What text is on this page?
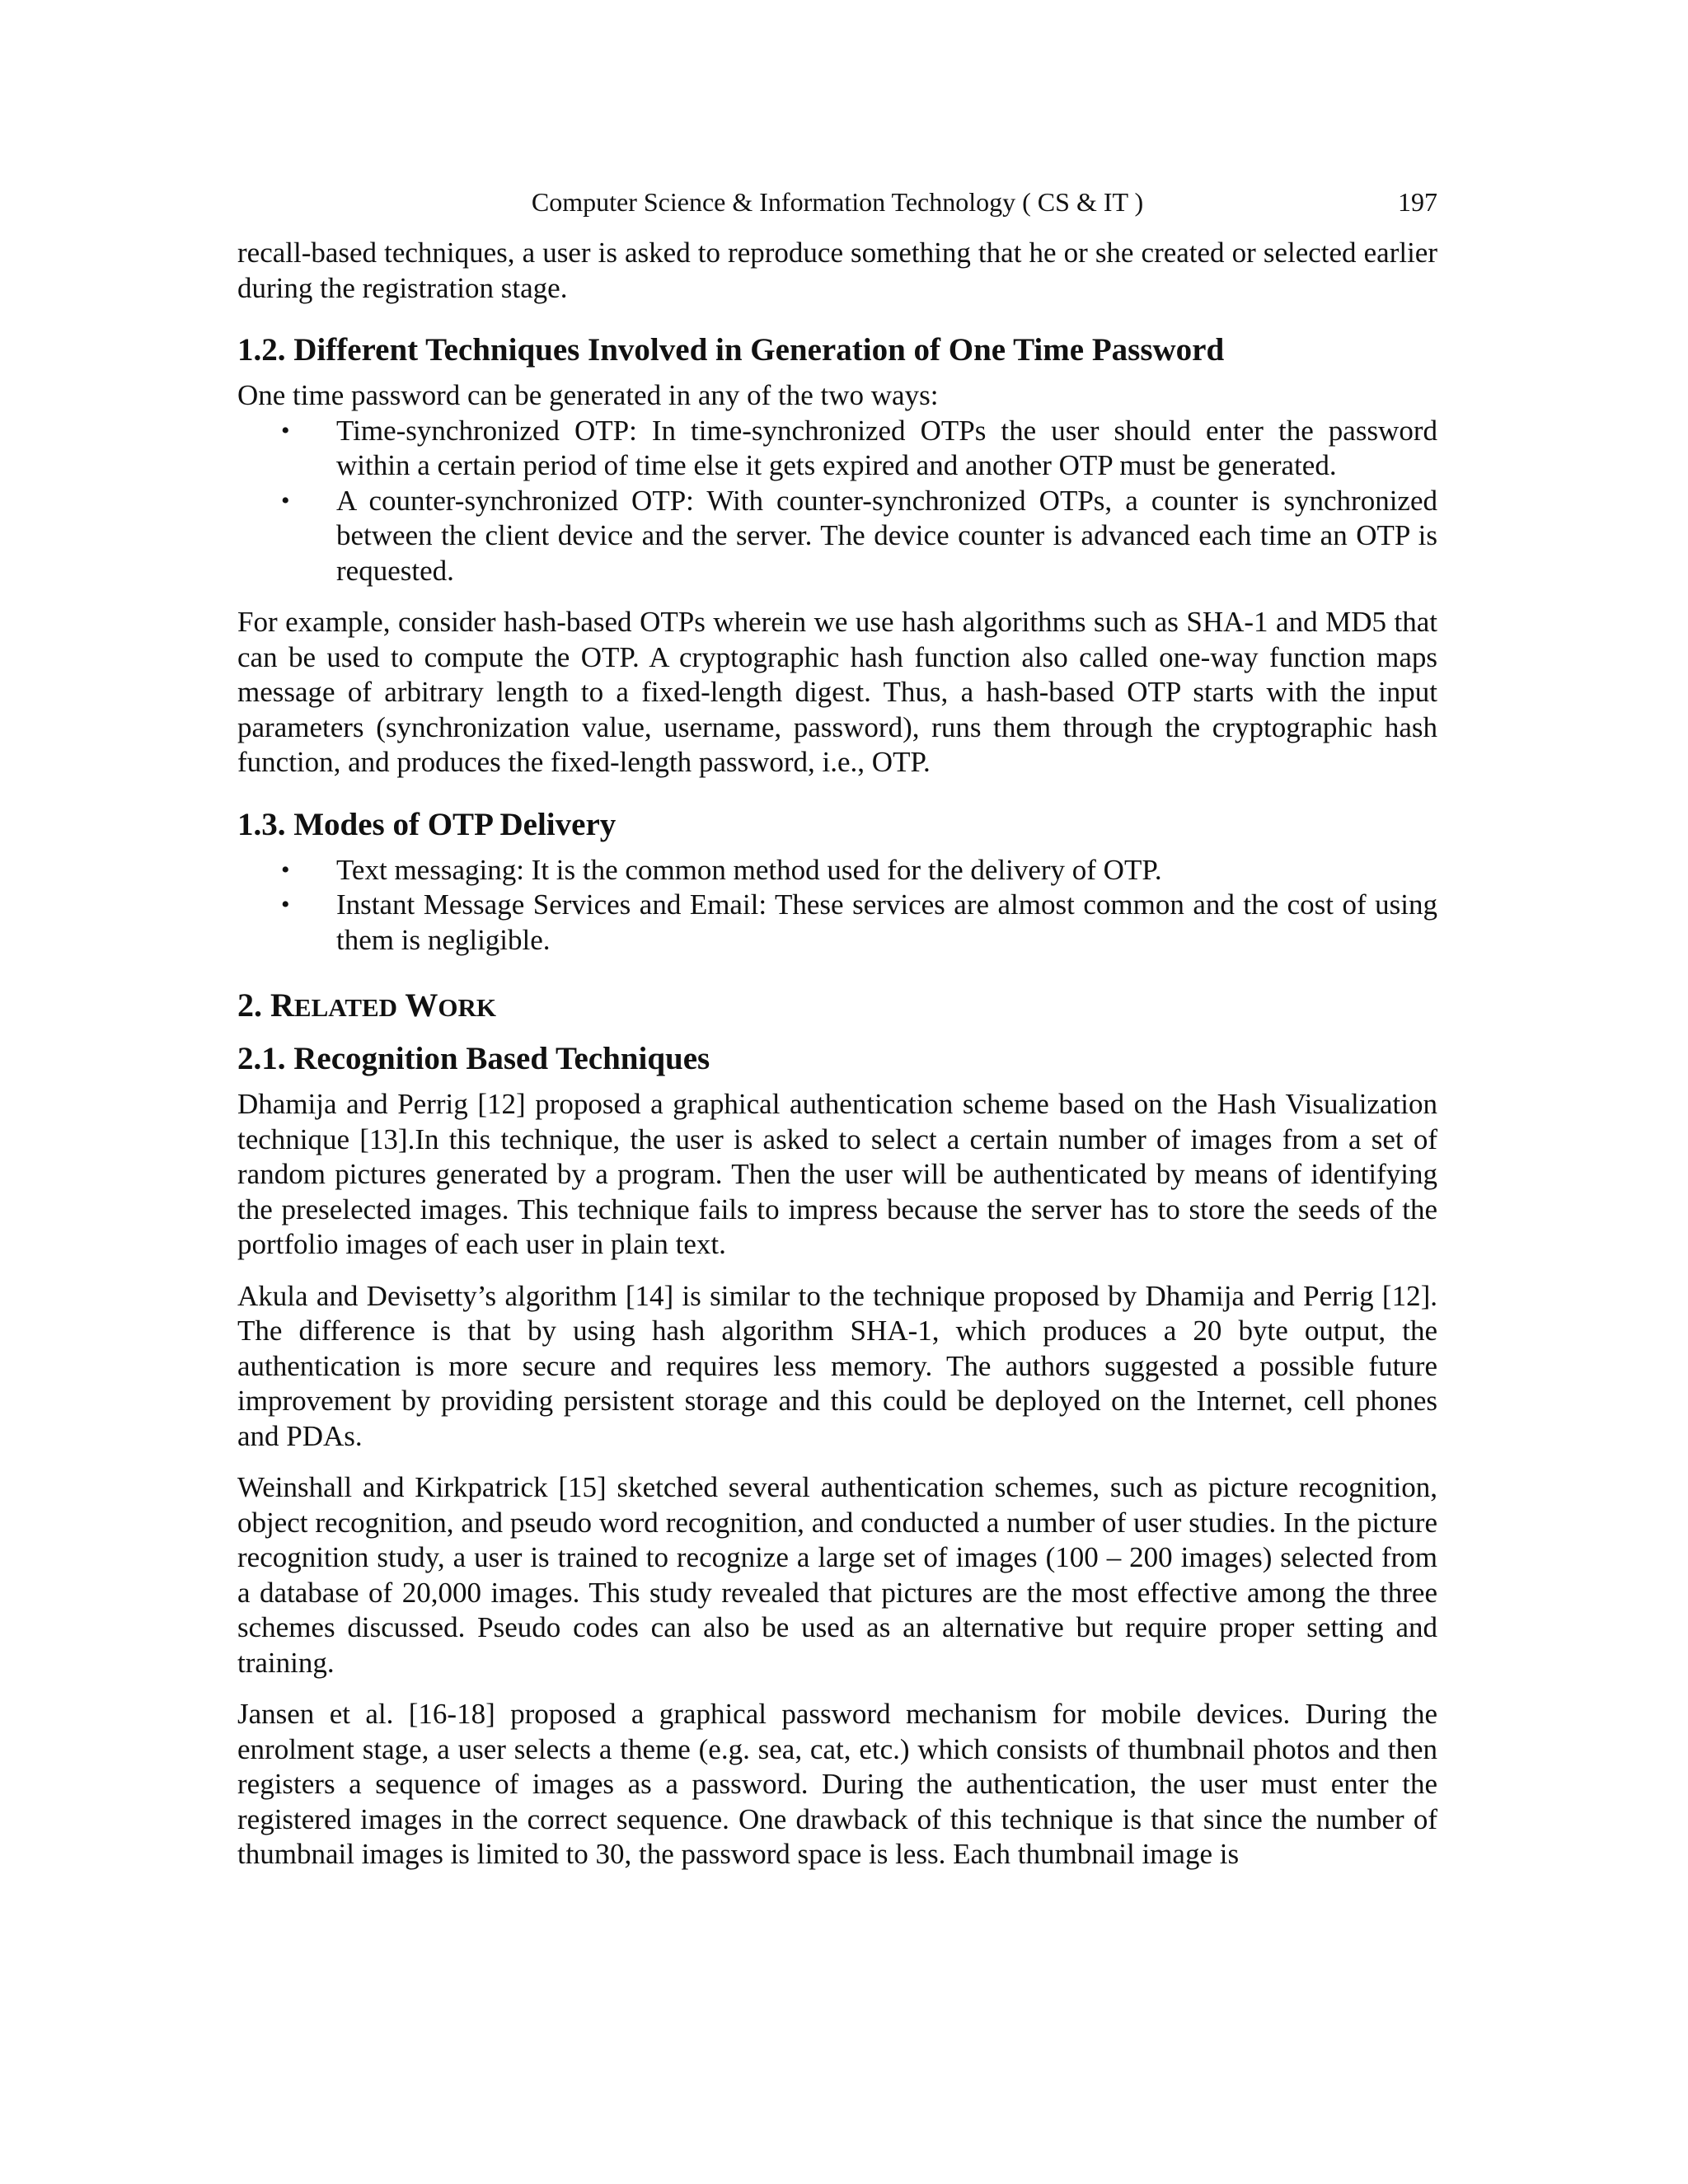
Computer Science & Information Technology ( CS & IT )	197

recall-based techniques, a user is asked to reproduce something that he or she created or selected earlier during the registration stage.

1.2. Different Techniques Involved in Generation of One Time Password

One time password can be generated in any of the two ways:

• Time-synchronized OTP: In time-synchronized OTPs the user should enter the password within a certain period of time else it gets expired and another OTP must be generated.
• A counter-synchronized OTP: With counter-synchronized OTPs, a counter is synchronized between the client device and the server. The device counter is advanced each time an OTP is requested.

For example, consider hash-based OTPs wherein we use hash algorithms such as SHA-1 and MD5 that can be used to compute the OTP. A cryptographic hash function also called one-way function maps message of arbitrary length to a fixed-length digest. Thus, a hash-based OTP starts with the input parameters (synchronization value, username, password), runs them through the cryptographic hash function, and produces the fixed-length password, i.e., OTP.

1.3. Modes of OTP Delivery
• Text messaging: It is the common method used for the delivery of OTP.
• Instant Message Services and Email: These services are almost common and the cost of using them is negligible.
2. RELATED WORK
2.1. Recognition Based Techniques

Dhamija and Perrig [12] proposed a graphical authentication scheme based on the Hash Visualization technique [13].In this technique, the user is asked to select a certain number of images from a set of random pictures generated by a program. Then the user will be authenticated by means of identifying the preselected images. This technique fails to impress because the server has to store the seeds of the portfolio images of each user in plain text.

Akula and Devisetty’s algorithm [14] is similar to the technique proposed by Dhamija and Perrig [12]. The difference is that by using hash algorithm SHA-1, which produces a 20 byte output, the authentication is more secure and requires less memory. The authors suggested a possible future improvement by providing persistent storage and this could be deployed on the Internet, cell phones and PDAs.

Weinshall and Kirkpatrick [15] sketched several authentication schemes, such as picture recognition, object recognition, and pseudo word recognition, and conducted a number of user studies. In the picture recognition study, a user is trained to recognize a large set of images (100 – 200 images) selected from a database of 20,000 images. This study revealed that pictures are the most effective among the three schemes discussed. Pseudo codes can also be used as an alternative but require proper setting and training.

Jansen et al. [16-18] proposed a graphical password mechanism for mobile devices. During the enrolment stage, a user selects a theme (e.g. sea, cat, etc.) which consists of thumbnail photos and then registers a sequence of images as a password. During the authentication, the user must enter the registered images in the correct sequence. One drawback of this technique is that since the number of thumbnail images is limited to 30, the password space is less. Each thumbnail image is
